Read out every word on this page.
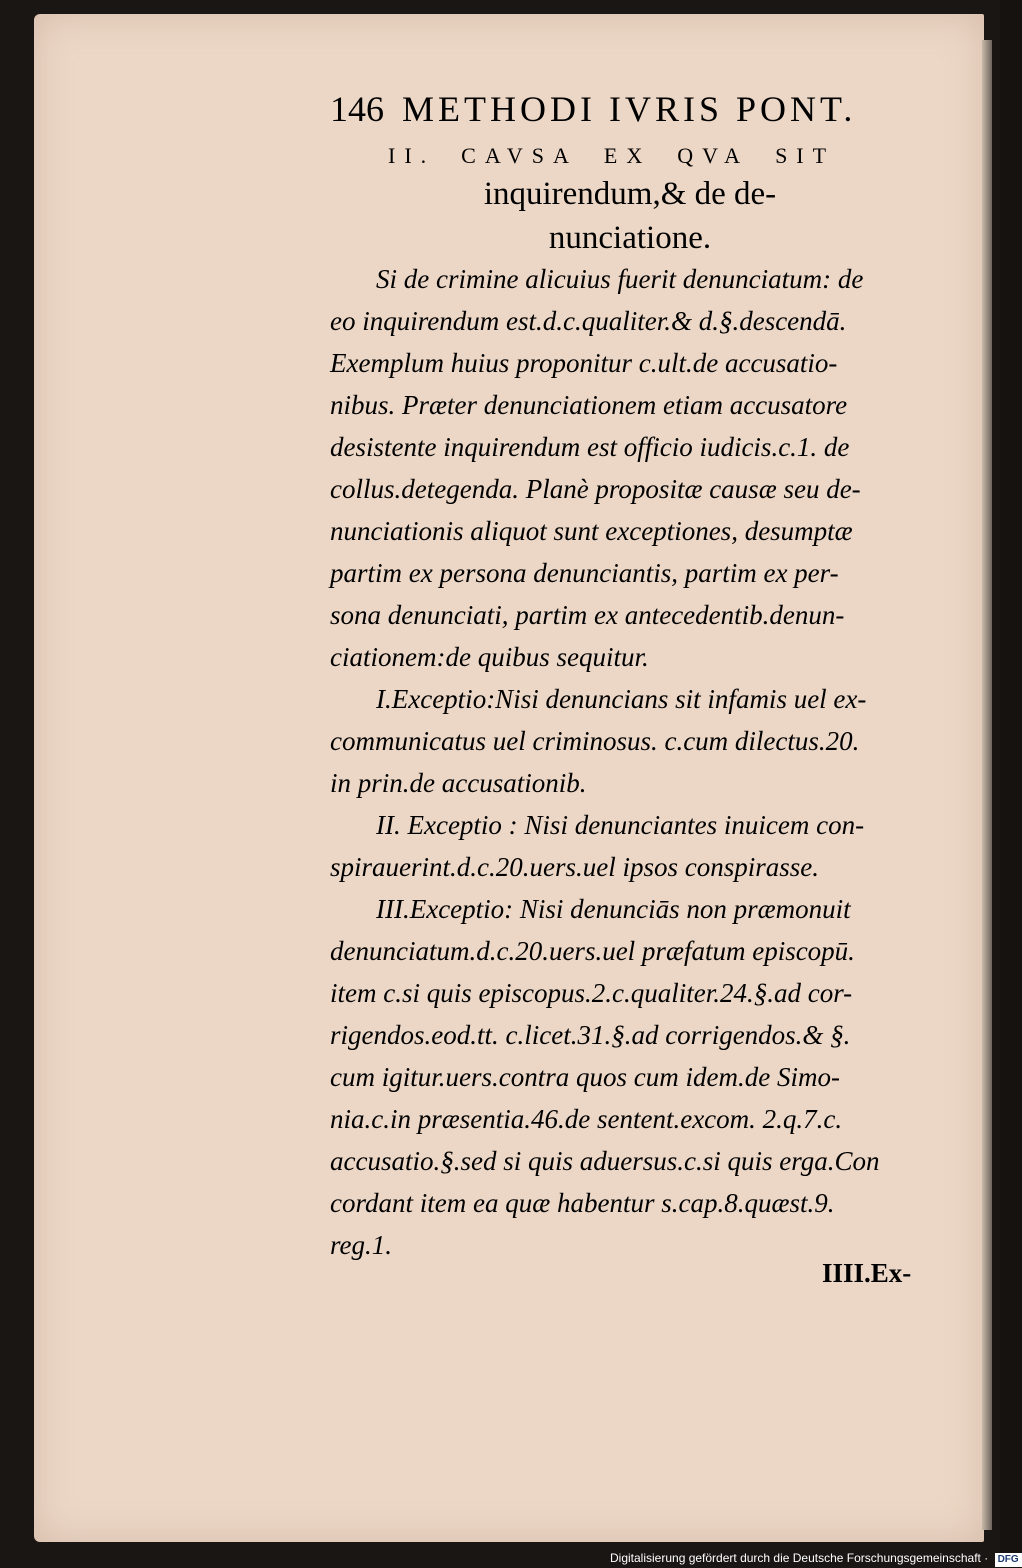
146 METHODI IVRIS PONT.
II. CAVSA EX QVA SIT
inquirendum,& de de-
nunciatione.
Si de crimine alicuius fuerit denunciatum: de
eo inquirendum est.d.c.qualiter.& d.§.descendā.
Exemplum huius proponitur c.ult.de accusatio-
nibus. Præter denunciationem etiam accusatore
desistente inquirendum est officio iudicis.c.1. de
collus.detegenda. Planè propositæ causæ seu de-
nunciationis aliquot sunt exceptiones, desumptæ
partim ex persona denunciantis, partim ex per-
sona denunciati, partim ex antecedentib.denun-
ciationem:de quibus sequitur.
I.Exceptio:Nisi denuncians sit infamis uel ex-
communicatus uel criminosus. c.cum dilectus.20.
in prin.de accusationib.
II. Exceptio : Nisi denunciantes inuicem con-
spirauerint.d.c.20.uers.uel ipsos conspirasse.
III.Exceptio: Nisi denunciās non præmonuit
denunciatum.d.c.20.uers.uel præfatum episcopū.
item c.si quis episcopus.2.c.qualiter.24.§.ad cor-
rigendos.eod.tt. c.licet.31.§.ad corrigendos.& §.
cum igitur.uers.contra quos cum idem.de Simo-
nia.c.in præsentia.46.de sentent.excom. 2.q.7.c.
accusatio.§.sed si quis aduersus.c.si quis erga.Con
cordant item ea quæ habentur s.cap.8.quæst.9.
reg.1.
IIII.Ex-
Digitalisierung gefördert durch die Deutsche Forschungsgemeinschaft · DFG
